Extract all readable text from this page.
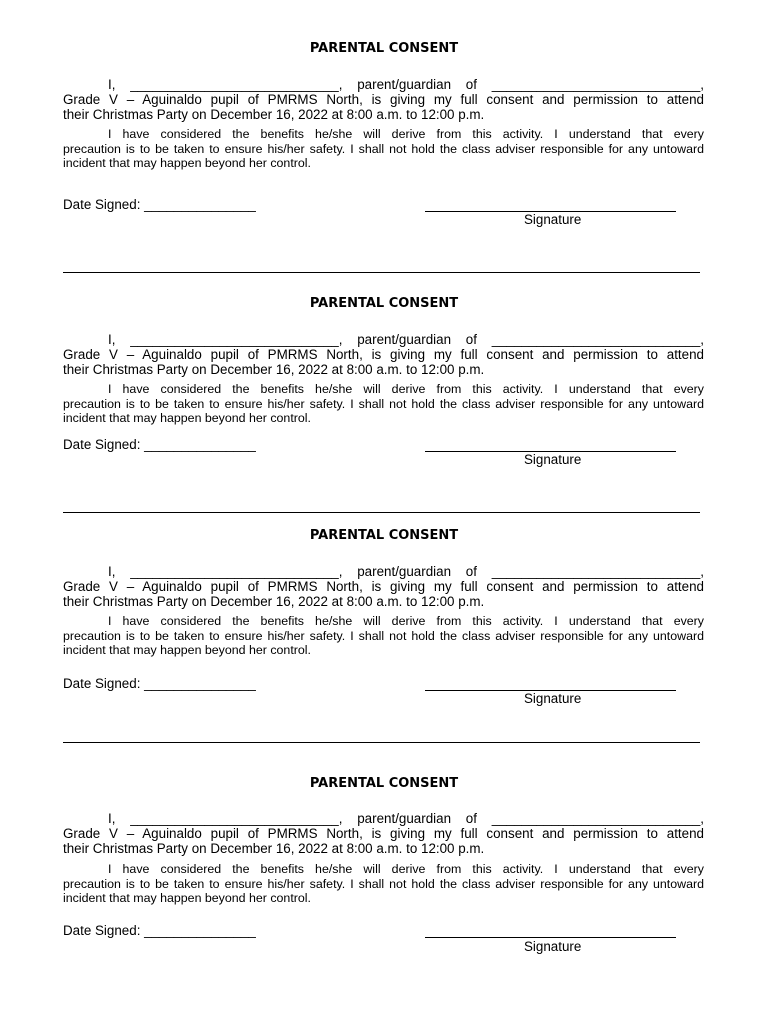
PARENTAL CONSENT
I, ____________________________, parent/guardian of ____________________________,
Grade V – Aguinaldo pupil of PMRMS North, is giving my full consent and permission to attend
their Christmas Party on December 16, 2022 at 8:00 a.m. to 12:00 p.m.
I have considered the benefits he/she will derive from this activity. I understand that every
precaution is to be taken to ensure his/her safety. I shall not hold the class adviser responsible for any untoward incident that may happen beyond her control.
Date Signed: _______________
Signature
PARENTAL CONSENT
I, ____________________________, parent/guardian of ____________________________,
Grade V – Aguinaldo pupil of PMRMS North, is giving my full consent and permission to attend
their Christmas Party on December 16, 2022 at 8:00 a.m. to 12:00 p.m.
I have considered the benefits he/she will derive from this activity. I understand that every
precaution is to be taken to ensure his/her safety. I shall not hold the class adviser responsible for any untoward incident that may happen beyond her control.
Date Signed: _______________
Signature
PARENTAL CONSENT
I, ____________________________, parent/guardian of ____________________________,
Grade V – Aguinaldo pupil of PMRMS North, is giving my full consent and permission to attend
their Christmas Party on December 16, 2022 at 8:00 a.m. to 12:00 p.m.
I have considered the benefits he/she will derive from this activity. I understand that every
precaution is to be taken to ensure his/her safety. I shall not hold the class adviser responsible for any untoward incident that may happen beyond her control.
Date Signed: _______________
Signature
PARENTAL CONSENT
I, ____________________________, parent/guardian of ____________________________,
Grade V – Aguinaldo pupil of PMRMS North, is giving my full consent and permission to attend
their Christmas Party on December 16, 2022 at 8:00 a.m. to 12:00 p.m.
I have considered the benefits he/she will derive from this activity. I understand that every
precaution is to be taken to ensure his/her safety. I shall not hold the class adviser responsible for any untoward incident that may happen beyond her control.
Date Signed: _______________
Signature
